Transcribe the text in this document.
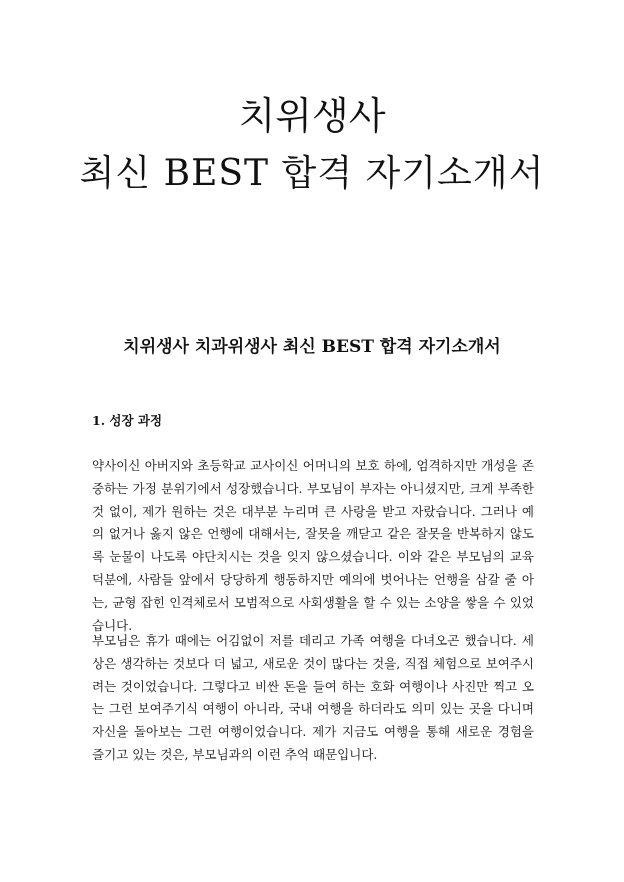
치위생사
최신 BEST 합격 자기소개서
치위생사 치과위생사 최신 BEST 합격 자기소개서
1. 성장 과정

약사이신 아버지와 초등학교 교사이신 어머니의 보호 하에, 엄격하지만 개성을 존중하는 가정 분위기에서 성장했습니다. 부모님이 부자는 아니셨지만, 크게 부족한 것 없이, 제가 원하는 것은 대부분 누리며 큰 사랑을 받고 자랐습니다. 그러나 예의 없거나 옳지 않은 언행에 대해서는, 잘못을 깨닫고 같은 잘못을 반복하지 않도록 눈물이 나도록 야단치시는 것을 잊지 않으셨습니다. 이와 같은 부모님의 교육 덕분에, 사람들 앞에서 당당하게 행동하지만 예의에 벗어나는 언행을 삼갈 줄 아는, 균형 잡힌 인격체로서 모범적으로 사회생활을 할 수 있는 소양을 쌓을 수 있었습니다.

부모님은 휴가 때에는 어김없이 저를 데리고 가족 여행을 다녀오곤 했습니다. 세상은 생각하는 것보다 더 넓고, 새로운 것이 많다는 것을, 직접 체험으로 보여주시려는 것이었습니다. 그렇다고 비싼 돈을 들여 하는 호화 여행이나 사진만 찍고 오는 그런 보여주기식 여행이 아니라, 국내 여행을 하더라도 의미 있는 곳을 다니며 자신을 돌아보는 그런 여행이었습니다. 제가 지금도 여행을 통해 새로운 경험을 즐기고 있는 것은, 부모님과의 이런 추억 때문입니다.
